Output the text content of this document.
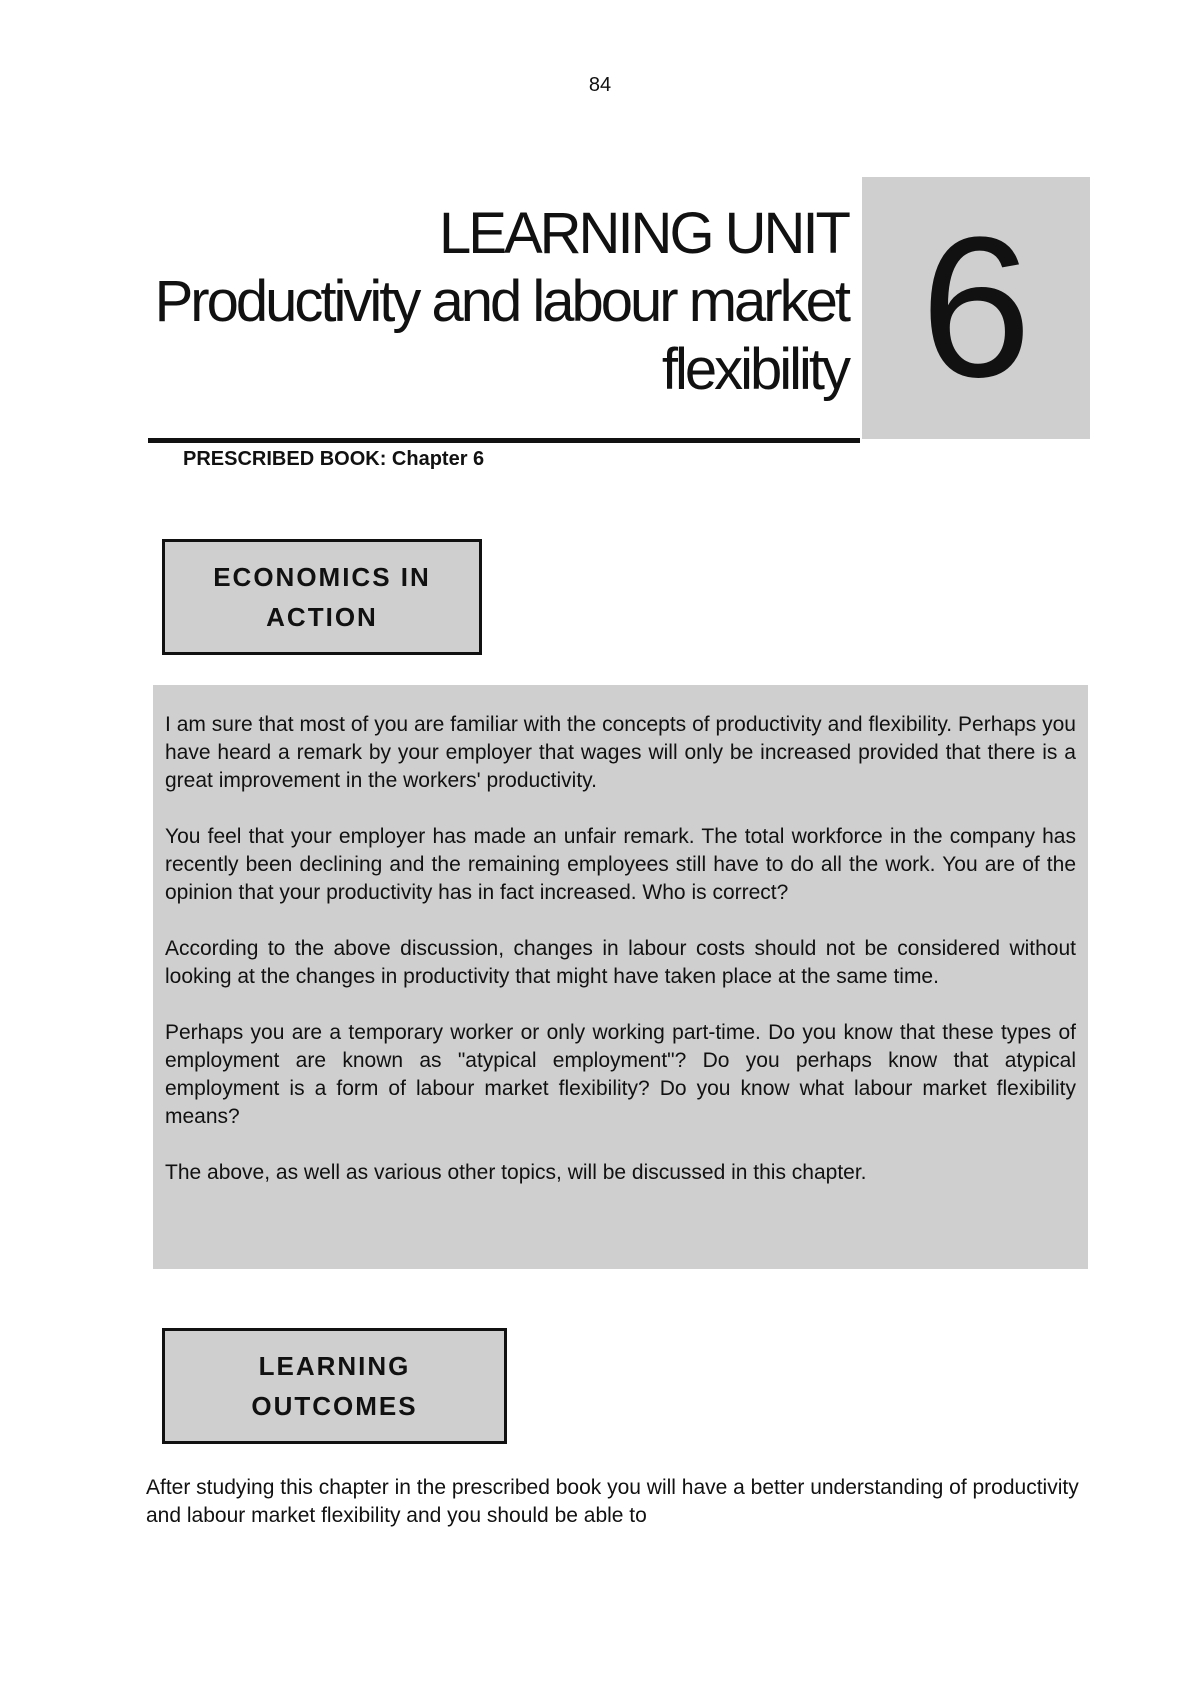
84
LEARNING UNIT
Productivity and labour market
flexibility 6
PRESCRIBED BOOK: Chapter 6
ECONOMICS IN
ACTION

I am sure that most of you are familiar with the concepts of productivity and flexibility. Perhaps you have heard a remark by your employer that wages will only be increased provided that there is a great improvement in the workers' productivity.

You feel that your employer has made an unfair remark. The total workforce in the company has recently been declining and the remaining employees still have to do all the work. You are of the opinion that your productivity has in fact increased. Who is correct?

According to the above discussion, changes in labour costs should not be considered without looking at the changes in productivity that might have taken place at the same time.

Perhaps you are a temporary worker or only working part-time. Do you know that these types of employment are known as "atypical employment"? Do you perhaps know that atypical employment is a form of labour market flexibility? Do you know what labour market flexibility means?

The above, as well as various other topics, will be discussed in this chapter.

LEARNING
OUTCOMES

After studying this chapter in the prescribed book you will have a better understanding of productivity and labour market flexibility and you should be able to
